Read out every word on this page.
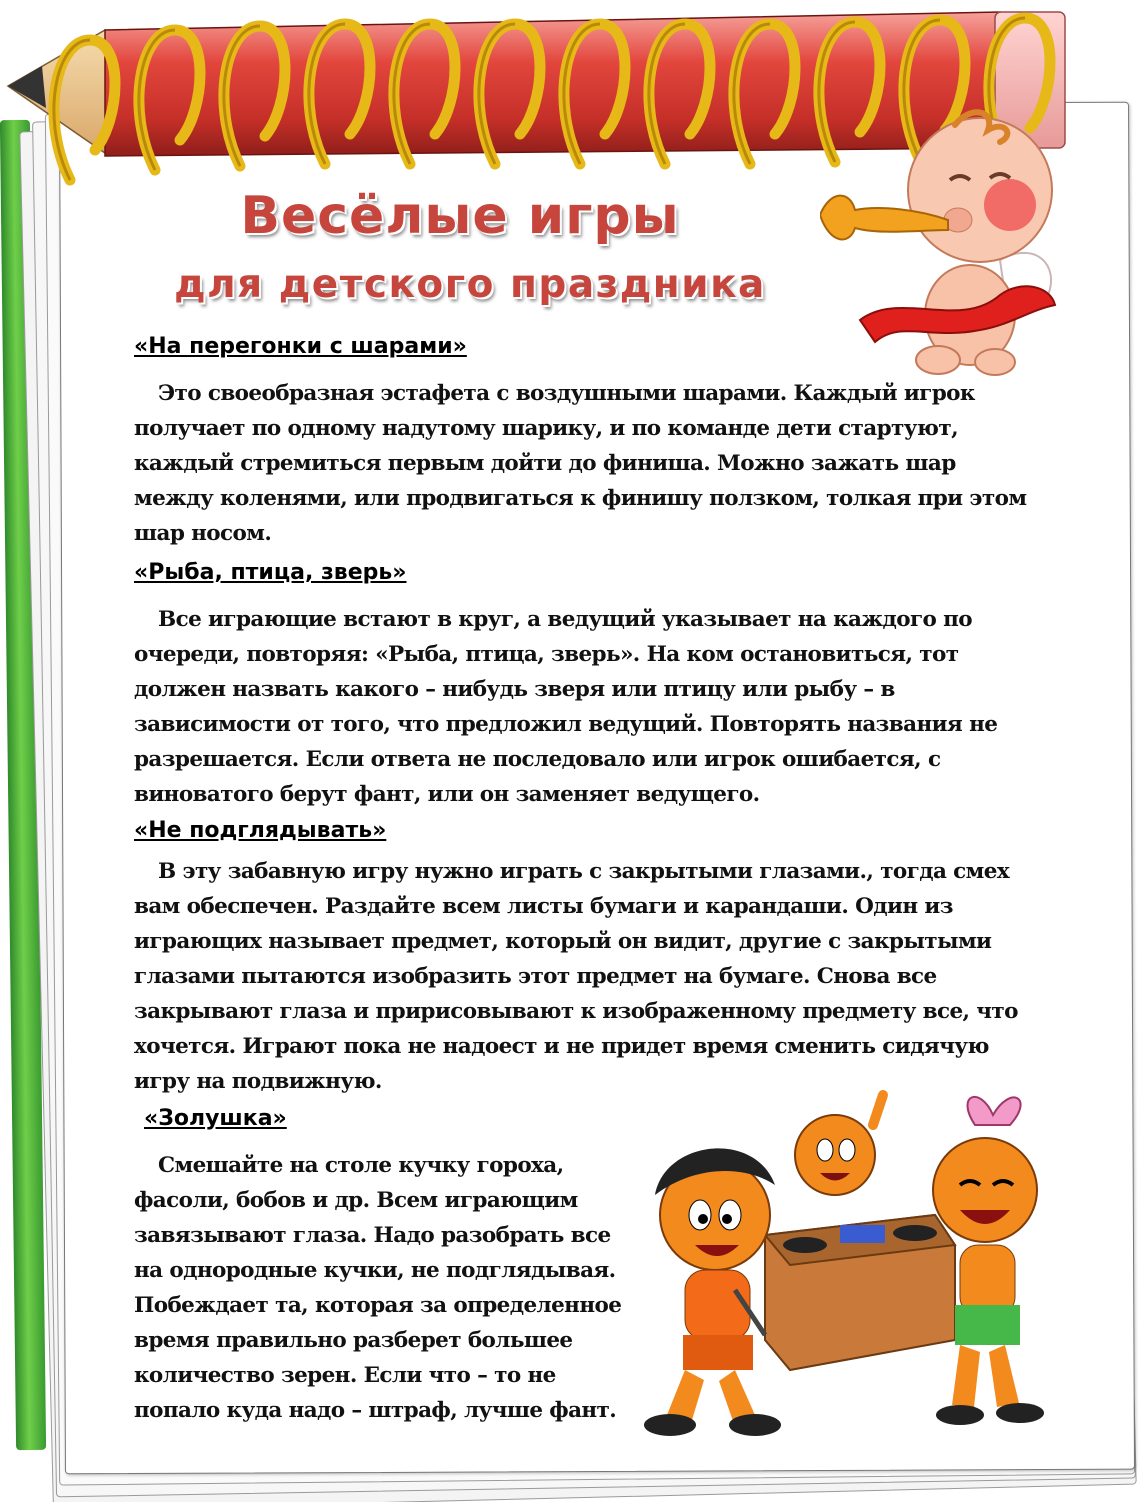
Весёлые игры
для детского праздника
«На перегонки с шарами»

Это своеобразная эстафета с воздушными шарами. Каждый игрок получает по одному надутому шарику, и по команде дети стартуют, каждый стремиться первым дойти до финиша. Можно зажать шар между коленями, или продвигаться к финишу ползком, толкая при этом шар носом.

«Рыба, птица, зверь»

Все играющие встают в круг, а ведущий указывает на каждого по очереди, повторяя: «Рыба, птица, зверь». На ком остановиться, тот должен назвать какого – нибудь зверя или птицу или рыбу – в зависимости от того, что предложил ведущий. Повторять названия не разрешается. Если ответа не последовало или игрок ошибается, с виноватого берут фант, или он заменяет ведущего.

«Не подглядывать»

В эту забавную игру нужно играть с закрытыми глазами., тогда смех вам обеспечен. Раздайте всем листы бумаги и карандаши. Один из играющих называет предмет, который он видит, другие с закрытыми глазами пытаются изобразить этот предмет на бумаге. Снова все закрывают глаза и пририсовывают к изображенному предмету все, что хочется. Играют пока не надоест и не придет время сменить сидячую игру на подвижную.

«Золушка»

Смешайте на столе кучку гороха, фасоли, бобов и др. Всем играющим завязывают глаза. Надо разобрать все на однородные кучки, не подглядывая. Побеждает та, которая за определенное время правильно разберет большее количество зерен. Если что – то не попало куда надо – штраф, лучше фант.
